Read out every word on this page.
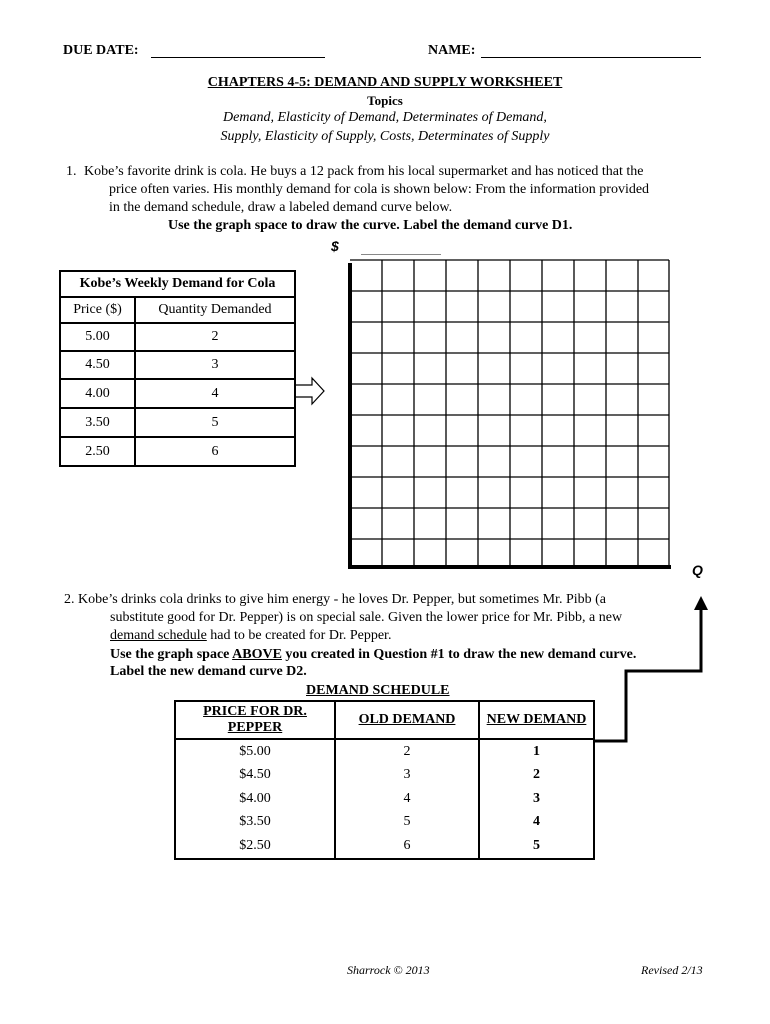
DUE DATE:	NAME:
CHAPTERS 4-5: DEMAND AND SUPPLY WORKSHEET
Topics
Demand, Elasticity of Demand, Determinates of Demand,
Supply, Elasticity of Supply, Costs, Determinates of Supply
1. Kobe’s favorite drink is cola. He buys a 12 pack from his local supermarket and has noticed that the
price often varies. His monthly demand for cola is shown below: From the information provided
in the demand schedule, draw a labeled demand curve below.
Use the graph space to draw the curve. Label the demand curve D1.
Kobe’s Weekly Demand for Cola	
Price ($)	Quantity Demanded
5.00	2
4.50	3
4.00	4
3.50	5
2.50	6
$
Q
2. Kobe’s drinks cola drinks to give him energy - he loves Dr. Pepper, but sometimes Mr. Pibb (a
substitute good for Dr. Pepper) is on special sale. Given the lower price for Mr. Pibb, a new
demand schedule had to be created for Dr. Pepper.
Use the graph space ABOVE you created in Question #1 to draw the new demand curve.
Label the new demand curve D2.
DEMAND SCHEDULE
PRICE FOR DR. PEPPER	OLD DEMAND	NEW DEMAND
$5.00	2	1
$4.50	3	2
$4.00	4	3
$3.50	5	4
$2.50	6	5
Sharrock © 2013	Revised 2/13
